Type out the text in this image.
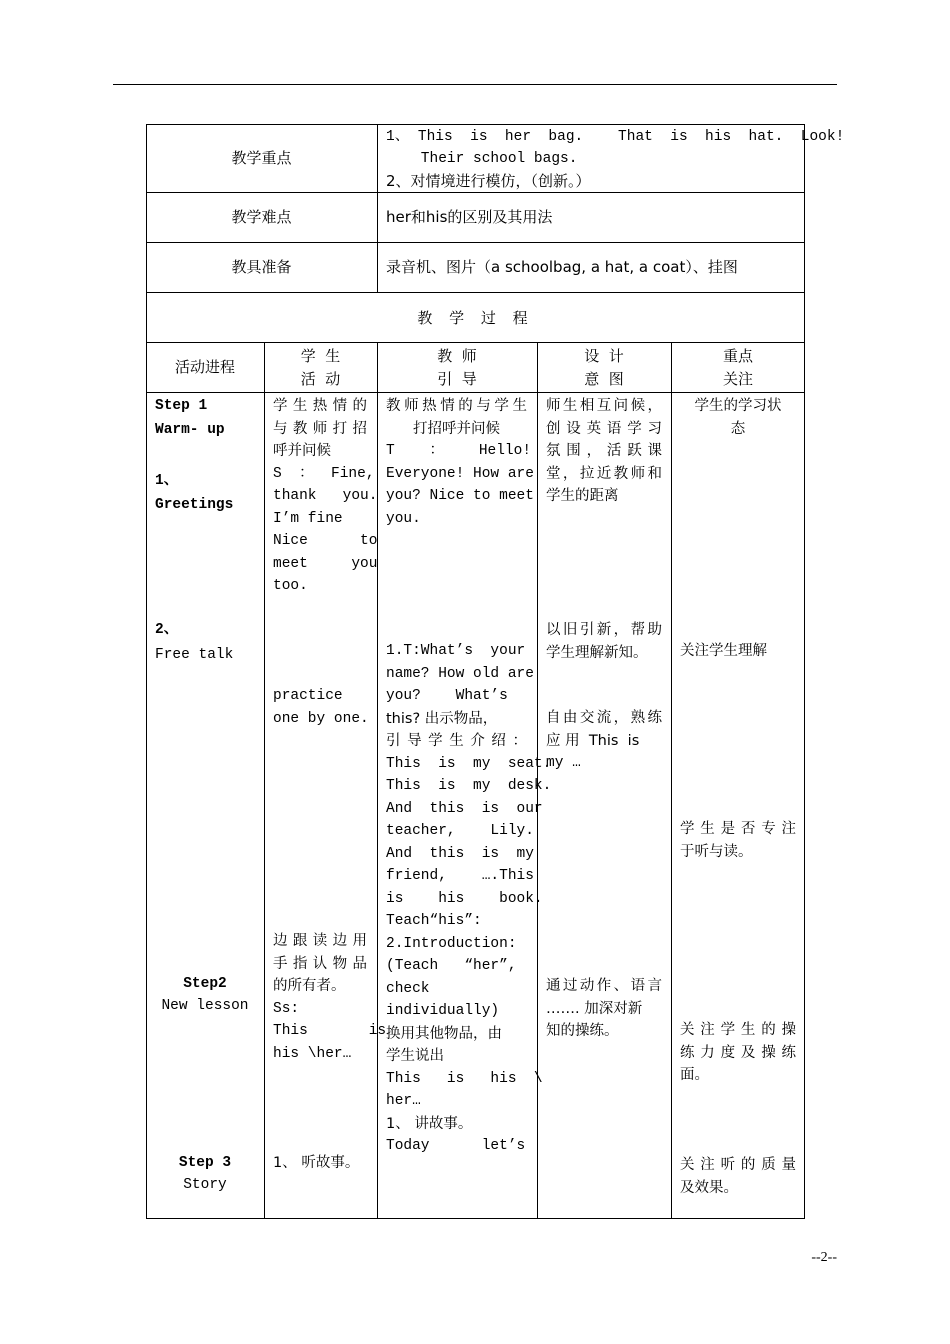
教学重点
教学难点
教具准备
1、 This  is  her  bag.    That  is  his  hat.  Look!
Their school bags.
2、对情境进行模仿，（创新。）
her和his的区别及其用法
录音机、图片（a schoolbag, a hat, a coat）、挂图
教 学 过 程
活动进程
学  生
活  动
教  师
引  导
设  计
意  图
重点
关注
Step 1
Warm- up
1、
Greetings
2、
Free talk
Step2
New lesson
Step 3
Story
学生热情的
与教师打招
呼并问候
S  ：  Fine,
thank   you.
I’m fine
Nice      to
meet     you
too.
practice
one by one.
边跟读边用
手指认物品
的所有者。
Ss:
This       is
his \her…
1、 听故事。
教师热情的与学生
打招呼并问候
T    ：    Hello!
Everyone! How are
you? Nice to meet
you.
1.T:What’s  your
name? How old are
you?    What’s
this? 出示物品，
引导学生介绍：
This  is  my  seat.
This  is  my  desk.
And  this  is  our
teacher,    Lily.
And  this  is  my
friend,    ….This
is    his    book.
Teach“his”:
2.Introduction:
(Teach   “her”,
check
individually)
换用其他物品，由
学生说出
This   is   his  \
her…
1、 讲故事。
Today      let’s
师生相互问候，
创设英语学习
氛围，活跃课
堂，拉近教师和
学生的距离
以旧引新，帮助
学生理解新知。
自由交流，熟练
应 用  This  is
my …
通过动作、语言
……. 加深对新
知的操练。
学生的学习状
态
关注学生理解
学生是否专注
于听与读。
关注学生的操
练力度及操练
面。
关注听的质量
及效果。
--2--
